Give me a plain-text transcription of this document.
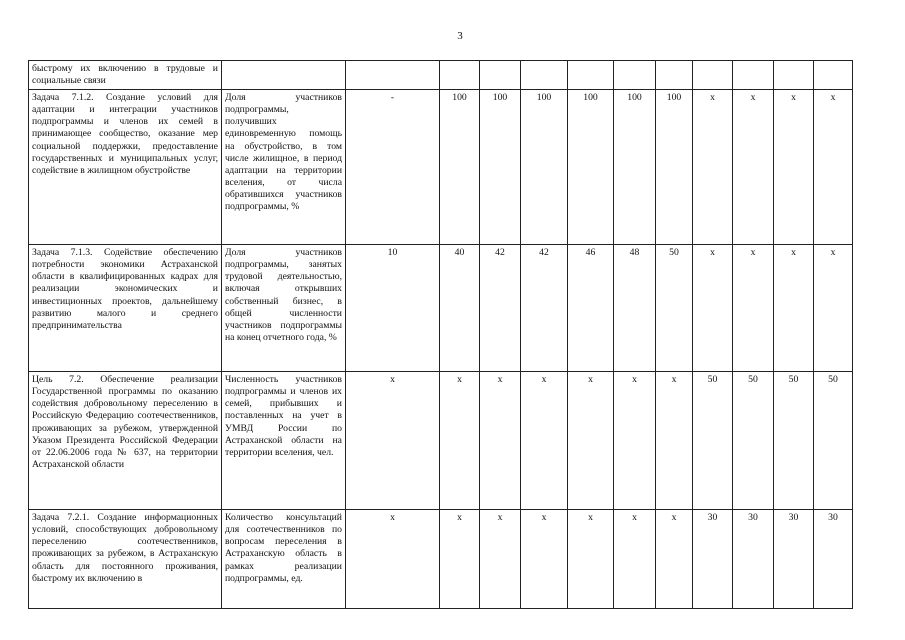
3
быстрому их включению в трудовые и социальные связи												
Задача 7.1.2. Создание условий для адаптации и интеграции участников подпрограммы и членов их семей в принимающее сообщество, оказание мер социальной поддержки, предоставление государственных и муниципальных услуг, содействие в жилищном обустройстве	Доля участников подпрограммы, получивших единовременную помощь на обустройство, в том числе жилищное, в период адаптации на территории вселения, от числа обратившихся участников подпрограммы, %	-	100	100	100	100	100	100	х	х	х	х
Задача 7.1.3. Содействие обеспечению потребности экономики Астраханской области в квалифицированных кадрах для реализации экономических и инвестиционных проектов, дальнейшему развитию малого и среднего предпринимательства	Доля участников подпрограммы, занятых трудовой деятельностью, включая открывших собственный бизнес, в общей численности участников подпрограммы на конец отчетного года, %	10	40	42	42	46	48	50	х	х	х	х
Цель 7.2. Обеспечение реализации Государственной программы по оказанию содействия добровольному переселению в Российскую Федерацию соотечественников, проживающих за рубежом, утвержденной Указом Президента Российской Федерации от 22.06.2006 года № 637, на территории Астраханской области	Численность участников подпрограммы и членов их семей, прибывших и поставленных на учет в УМВД России по Астраханской области на территории вселения, чел.	х	х	х	х	х	х	х	50	50	50	50
Задача 7.2.1. Создание информационных условий, способствующих добровольному переселению соотечественников, проживающих за рубежом, в Астраханскую область для постоянного проживания, быстрому их включению в	Количество консультаций для соотечественников по вопросам переселения в Астраханскую область в рамках реализации подпрограммы, ед.	х	х	х	х	х	х	х	30	30	30	30
